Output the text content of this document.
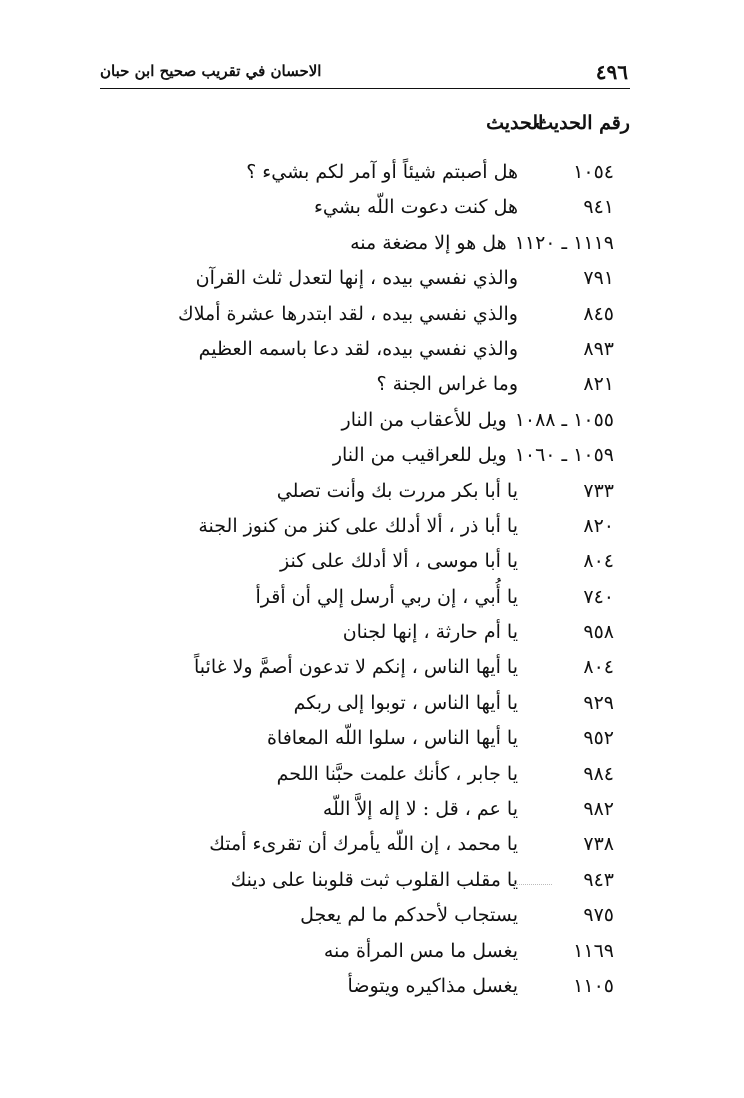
٤٩٦
الاحسان في تقريب صحيح ابن حبان
رقم الحديث الحديث
١٠٥٤هل أصبتم شيئاً أو آمر لكم بشيء ؟
٩٤١هل كنت دعوت اللّه بشيء
١١١٩ ـ ١١٢٠هل هو إلا مضغة منه
٧٩١والذي نفسي بيده ، إنها لتعدل ثلث القرآن
٨٤٥والذي نفسي بيده ، لقد ابتدرها عشرة أملاك
٨٩٣والذي نفسي بيده، لقد دعا باسمه العظيم
٨٢١وما غراس الجنة ؟
١٠٥٥ ـ ١٠٨٨ويل للأعقاب من النار
١٠٥٩ ـ ١٠٦٠ويل للعراقيب من النار
٧٣٣يا أبا بكر مررت بك وأنت تصلي
٨٢٠يا أبا ذر ، ألا أدلك على كنز من كنوز الجنة
٨٠٤يا أبا موسى ، ألا أدلك على كنز
٧٤٠يا أُبي ، إن ربي أرسل إلي أن أقرأ
٩٥٨يا أم حارثة ، إنها لجنان
٨٠٤يا أيها الناس ، إنكم لا تدعون أصمَّ ولا غائباً
٩٢٩يا أيها الناس ، توبوا إلى ربكم
٩٥٢يا أيها الناس ، سلوا اللّه المعافاة
٩٨٤يا جابر ، كأنك علمت حبَّنا اللحم
٩٨٢يا عم ، قل : لا إله إلاَّ اللّه
٧٣٨يا محمد ، إن اللّه يأمرك أن تقرىء أمتك
٩٤٣يا مقلب القلوب ثبت قلوبنا على دينك
٩٧٥يستجاب لأحدكم ما لم يعجل
١١٦٩يغسل ما مس المرأة منه
١١٠٥يغسل مذاكيره ويتوضأ
